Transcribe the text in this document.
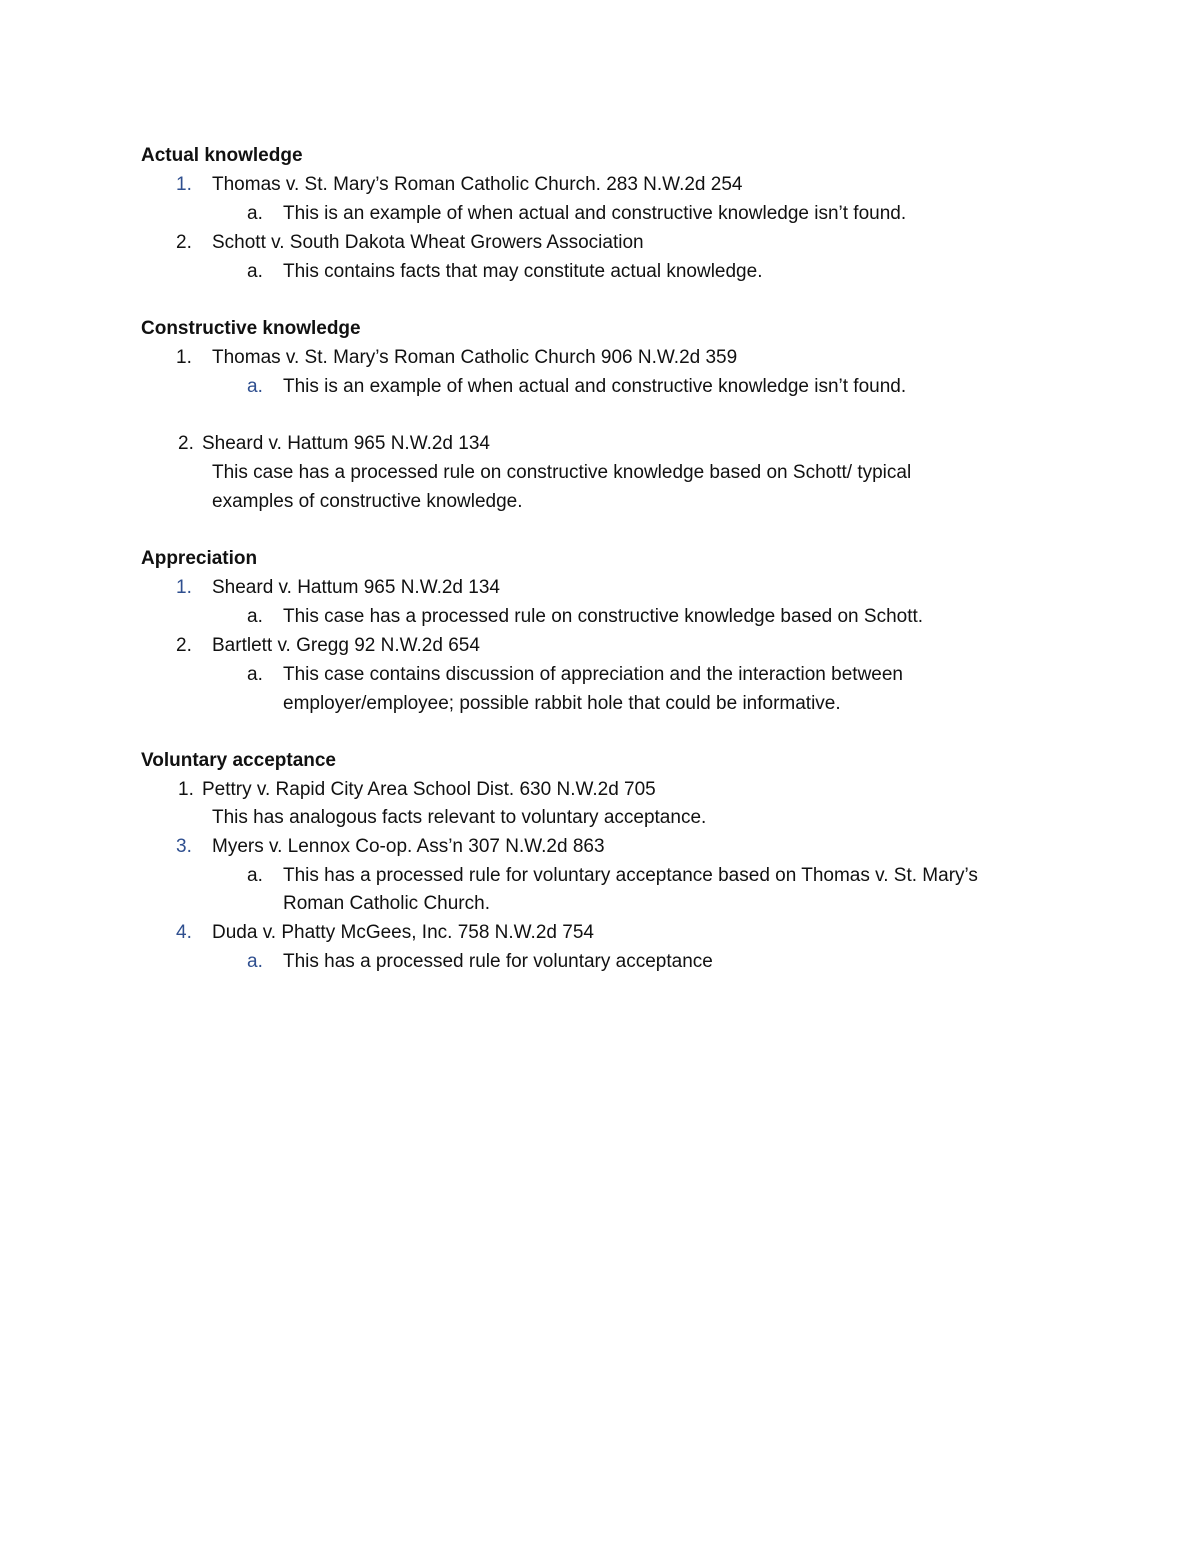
Actual knowledge
1. Thomas v. St. Mary’s Roman Catholic Church. 283 N.W.2d 254
a. This is an example of when actual and constructive knowledge isn’t found.
2. Schott v. South Dakota Wheat Growers Association
a. This contains facts that may constitute actual knowledge.
Constructive knowledge
1. Thomas v. St. Mary’s Roman Catholic Church 906 N.W.2d 359
a. This is an example of when actual and constructive knowledge isn’t found.
2. Sheard v. Hattum 965 N.W.2d 134
This case has a processed rule on constructive knowledge based on Schott/ typical
examples of constructive knowledge.
Appreciation
1. Sheard v. Hattum 965 N.W.2d 134
a. This case has a processed rule on constructive knowledge based on Schott.
2. Bartlett v. Gregg 92 N.W.2d 654
a. This case contains discussion of appreciation and the interaction between
employer/employee; possible rabbit hole that could be informative.
Voluntary acceptance
1. Pettry v. Rapid City Area School Dist. 630 N.W.2d 705
This has analogous facts relevant to voluntary acceptance.
3. Myers v. Lennox Co-op. Ass’n 307 N.W.2d 863
a. This has a processed rule for voluntary acceptance based on Thomas v. St. Mary’s
Roman Catholic Church.
4. Duda v. Phatty McGees, Inc. 758 N.W.2d 754
a. This has a processed rule for voluntary acceptance
